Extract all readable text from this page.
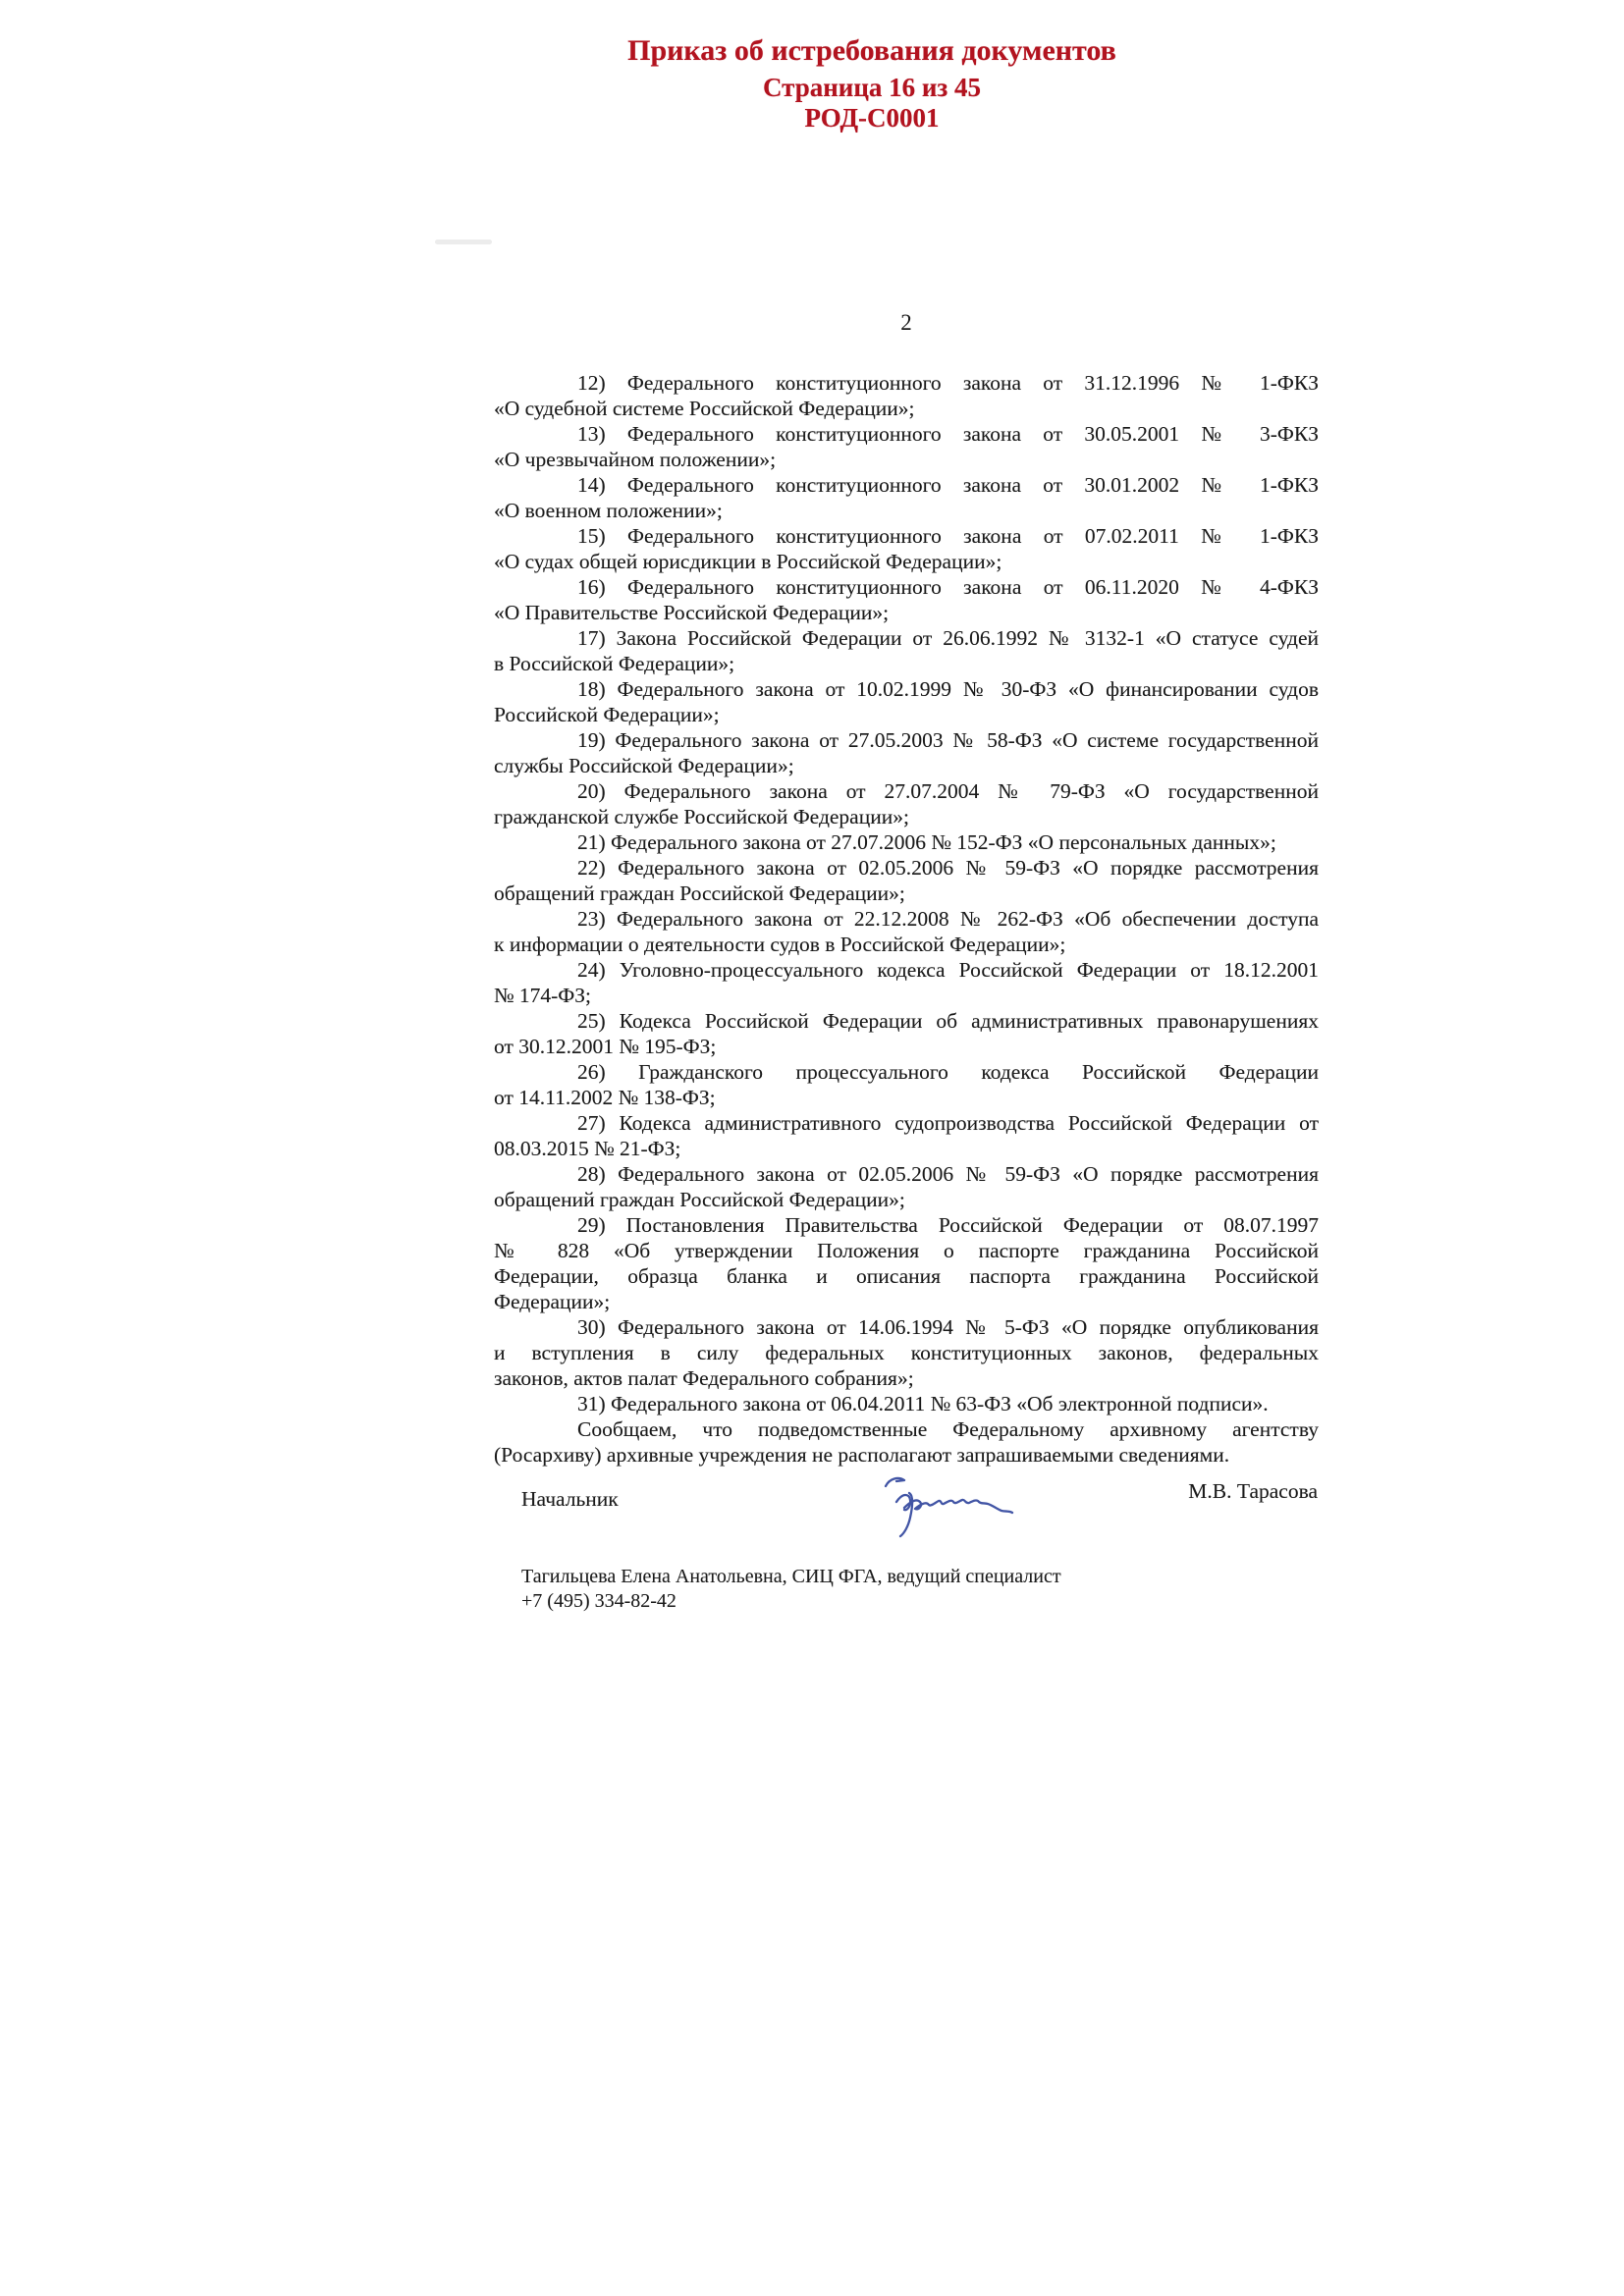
Приказ об истребования документов
Страница 16 из 45
РОД-С0001
2
12) Федерального конституционного закона от 31.12.1996 № 1-ФКЗ
«О судебной системе Российской Федерации»;
13) Федерального конституционного закона от 30.05.2001 № 3-ФКЗ
«О чрезвычайном положении»;
14) Федерального конституционного закона от 30.01.2002 № 1-ФКЗ
«О военном положении»;
15) Федерального конституционного закона от 07.02.2011 № 1-ФКЗ
«О судах общей юрисдикции в Российской Федерации»;
16) Федерального конституционного закона от 06.11.2020 № 4-ФКЗ
«О Правительстве Российской Федерации»;
17) Закона Российской Федерации от 26.06.1992 № 3132-1 «О статусе судей
в Российской Федерации»;
18) Федерального закона от 10.02.1999 № 30-ФЗ «О финансировании судов
Российской Федерации»;
19) Федерального закона от 27.05.2003 № 58-ФЗ «О системе государственной
службы Российской Федерации»;
20) Федерального закона от 27.07.2004 № 79-ФЗ «О государственной
гражданской службе Российской Федерации»;
21) Федерального закона от 27.07.2006 № 152-ФЗ «О персональных данных»;
22) Федерального закона от 02.05.2006 № 59-ФЗ «О порядке рассмотрения
обращений граждан Российской Федерации»;
23) Федерального закона от 22.12.2008 № 262-ФЗ «Об обеспечении доступа
к информации о деятельности судов в Российской Федерации»;
24) Уголовно-процессуального кодекса Российской Федерации от 18.12.2001
№ 174-ФЗ;
25) Кодекса Российской Федерации об административных правонарушениях
от 30.12.2001 № 195-ФЗ;
26) Гражданского процессуального кодекса Российской Федерации
от 14.11.2002 № 138-ФЗ;
27) Кодекса административного судопроизводства Российской Федерации от
08.03.2015 № 21-ФЗ;
28) Федерального закона от 02.05.2006 № 59-ФЗ «О порядке рассмотрения
обращений граждан Российской Федерации»;
29) Постановления Правительства Российской Федерации от 08.07.1997
№ 828 «Об утверждении Положения о паспорте гражданина Российской
Федерации, образца бланка и описания паспорта гражданина Российской
Федерации»;
30) Федерального закона от 14.06.1994 № 5-ФЗ «О порядке опубликования
и вступления в силу федеральных конституционных законов, федеральных
законов, актов палат Федерального собрания»;
31) Федерального закона от 06.04.2011 № 63-ФЗ «Об электронной подписи».
Сообщаем, что подведомственные Федеральному архивному агентству
(Росархиву) архивные учреждения не располагают запрашиваемыми сведениями.
Начальник	М.В. Тарасова
Тагильцева Елена Анатольевна, СИЦ ФГА, ведущий специалист
+7 (495) 334-82-42
